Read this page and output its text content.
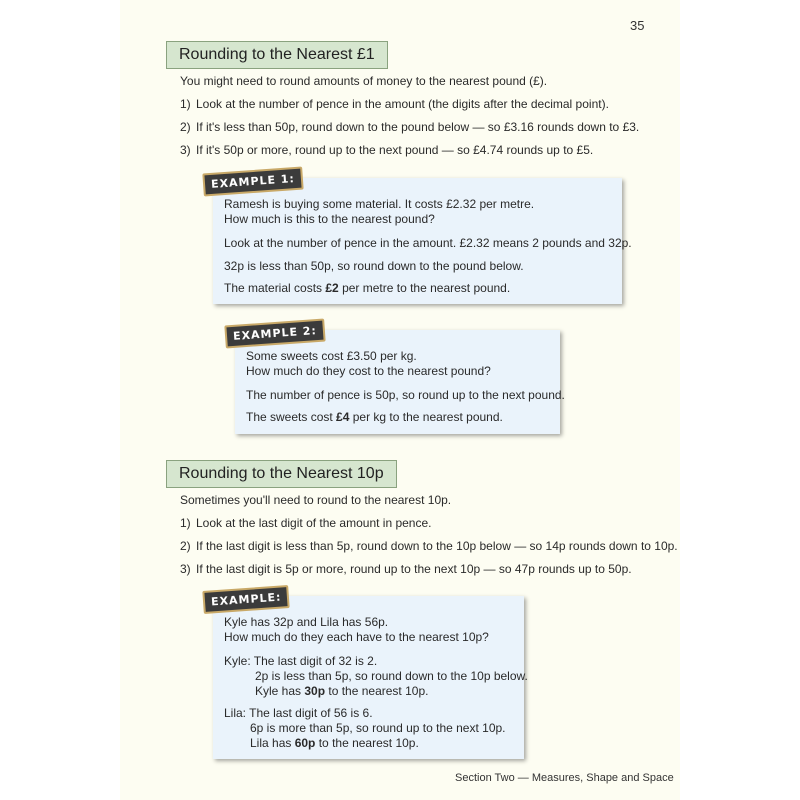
35
Rounding to the Nearest £1
You might need to round amounts of money to the nearest pound (£).
1) Look at the number of pence in the amount (the digits after the decimal point).
2) If it's less than 50p, round down to the pound below — so £3.16 rounds down to £3.
3) If it's 50p or more, round up to the next pound — so £4.74 rounds up to £5.
EXAMPLE 1:
Ramesh is buying some material. It costs £2.32 per metre.
How much is this to the nearest pound?
Look at the number of pence in the amount. £2.32 means 2 pounds and 32p.
32p is less than 50p, so round down to the pound below.
The material costs £2 per metre to the nearest pound.
EXAMPLE 2:
Some sweets cost £3.50 per kg.
How much do they cost to the nearest pound?
The number of pence is 50p, so round up to the next pound.
The sweets cost £4 per kg to the nearest pound.
Rounding to the Nearest 10p
Sometimes you'll need to round to the nearest 10p.
1) Look at the last digit of the amount in pence.
2) If the last digit is less than 5p, round down to the 10p below — so 14p rounds down to 10p.
3) If the last digit is 5p or more, round up to the next 10p — so 47p rounds up to 50p.
EXAMPLE:
Kyle has 32p and Lila has 56p.
How much do they each have to the nearest 10p?
Kyle: The last digit of 32 is 2.
2p is less than 5p, so round down to the 10p below.
Kyle has 30p to the nearest 10p.
Lila: The last digit of 56 is 6.
6p is more than 5p, so round up to the next 10p.
Lila has 60p to the nearest 10p.
Section Two — Measures, Shape and Space
